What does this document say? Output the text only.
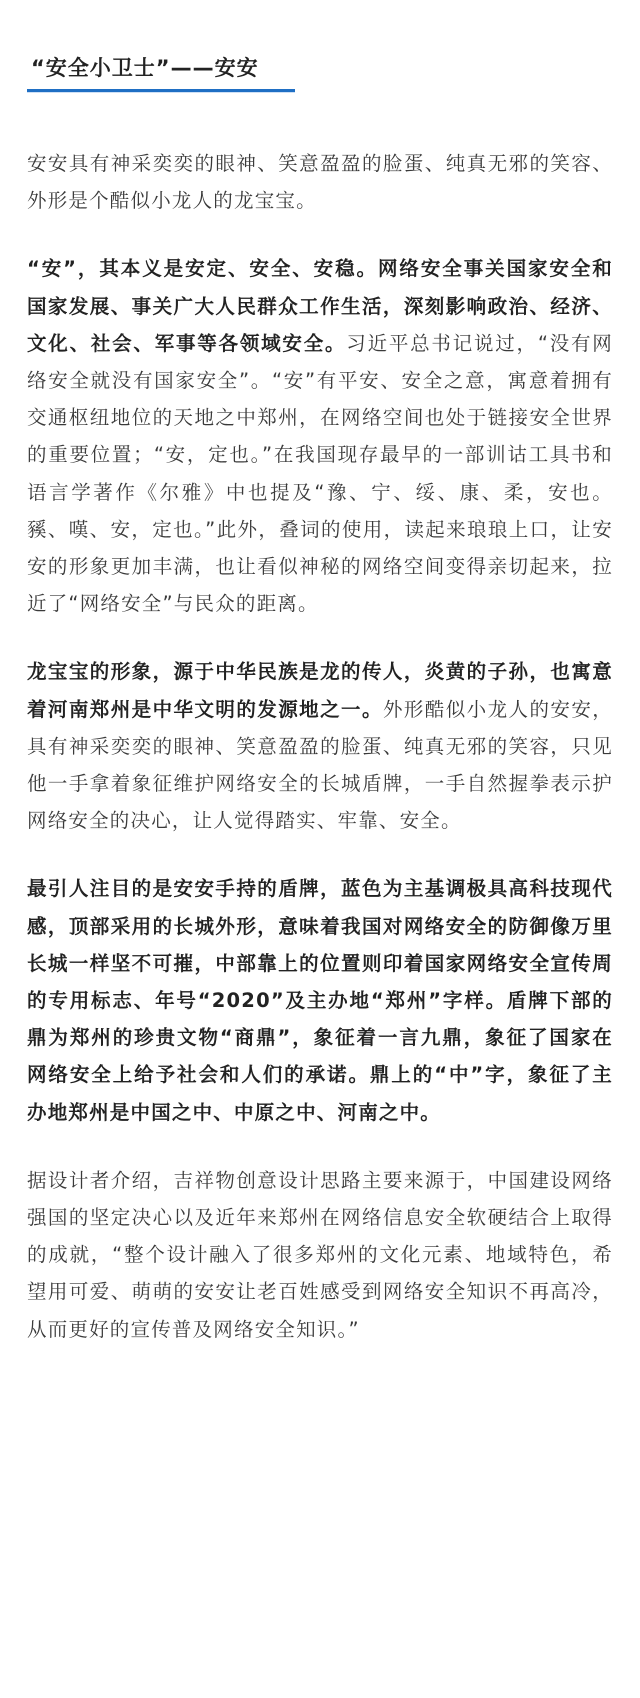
“安全小卫士”——安安

安安具有神采奕奕的眼神、笑意盈盈的脸蛋、纯真无邪的笑容、外形是个酷似小龙人的龙宝宝。

“安”，其本义是安定、安全、安稳。网络安全事关国家安全和国家发展、事关广大人民群众工作生活，深刻影响政治、经济、文化、社会、军事等各领域安全。习近平总书记说过，“没有网络安全就没有国家安全”。“安”有平安、安全之意，寓意着拥有交通枢纽地位的天地之中郑州，在网络空间也处于链接安全世界的重要位置；“安，定也。”在我国现存最早的一部训诂工具书和语言学著作《尔雅》中也提及“豫、宁、绥、康、柔，安也。豯、嘆、安，定也。”此外，叠词的使用，读起来琅琅上口，让安安的形象更加丰满，也让看似神秘的网络空间变得亲切起来，拉近了“网络安全”与民众的距离。

龙宝宝的形象，源于中华民族是龙的传人，炎黄的子孙，也寓意着河南郑州是中华文明的发源地之一。外形酷似小龙人的安安，具有神采奕奕的眼神、笑意盈盈的脸蛋、纯真无邪的笑容，只见他一手拿着象征维护网络安全的长城盾牌，一手自然握拳表示护网络安全的决心，让人觉得踏实、牢靠、安全。

最引人注目的是安安手持的盾牌，蓝色为主基调极具高科技现代感，顶部采用的长城外形，意味着我国对网络安全的防御像万里长城一样坚不可摧，中部靠上的位置则印着国家网络安全宣传周的专用标志、年号“2020”及主办地“郑州”字样。盾牌下部的鼎为郑州的珍贵文物“商鼎”，象征着一言九鼎，象征了国家在网络安全上给予社会和人们的承诺。鼎上的“中”字，象征了主办地郑州是中国之中、中原之中、河南之中。

据设计者介绍，吉祥物创意设计思路主要来源于，中国建设网络强国的坚定决心以及近年来郑州在网络信息安全软硬结合上取得的成就，“整个设计融入了很多郑州的文化元素、地域特色，希望用可爱、萌萌的安安让老百姓感受到网络安全知识不再高冷，从而更好的宣传普及网络安全知识。”
